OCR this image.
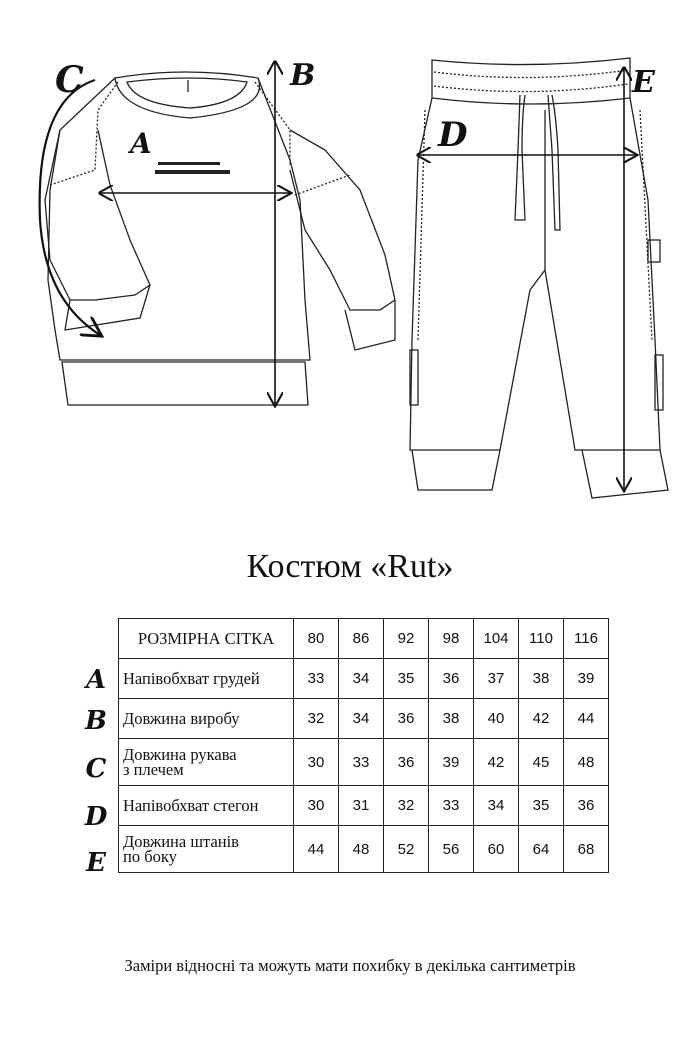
C	B
A	D
E
Костюм «Rut»
A
B
C
D
E
РОЗМІРНА СІТКА	80	86	92	98	104	110	116
Напівобхват грудей	33	34	35	36	37	38	39
Довжина виробу	32	34	36	38	40	42	44
Довжина рукава
з плечем	30	33	36	39	42	45	48
Напівобхват стегон	30	31	32	33	34	35	36
Довжина штанів
по боку	44	48	52	56	60	64	68
Заміри відносні та можуть мати похибку в декілька сантиметрів
